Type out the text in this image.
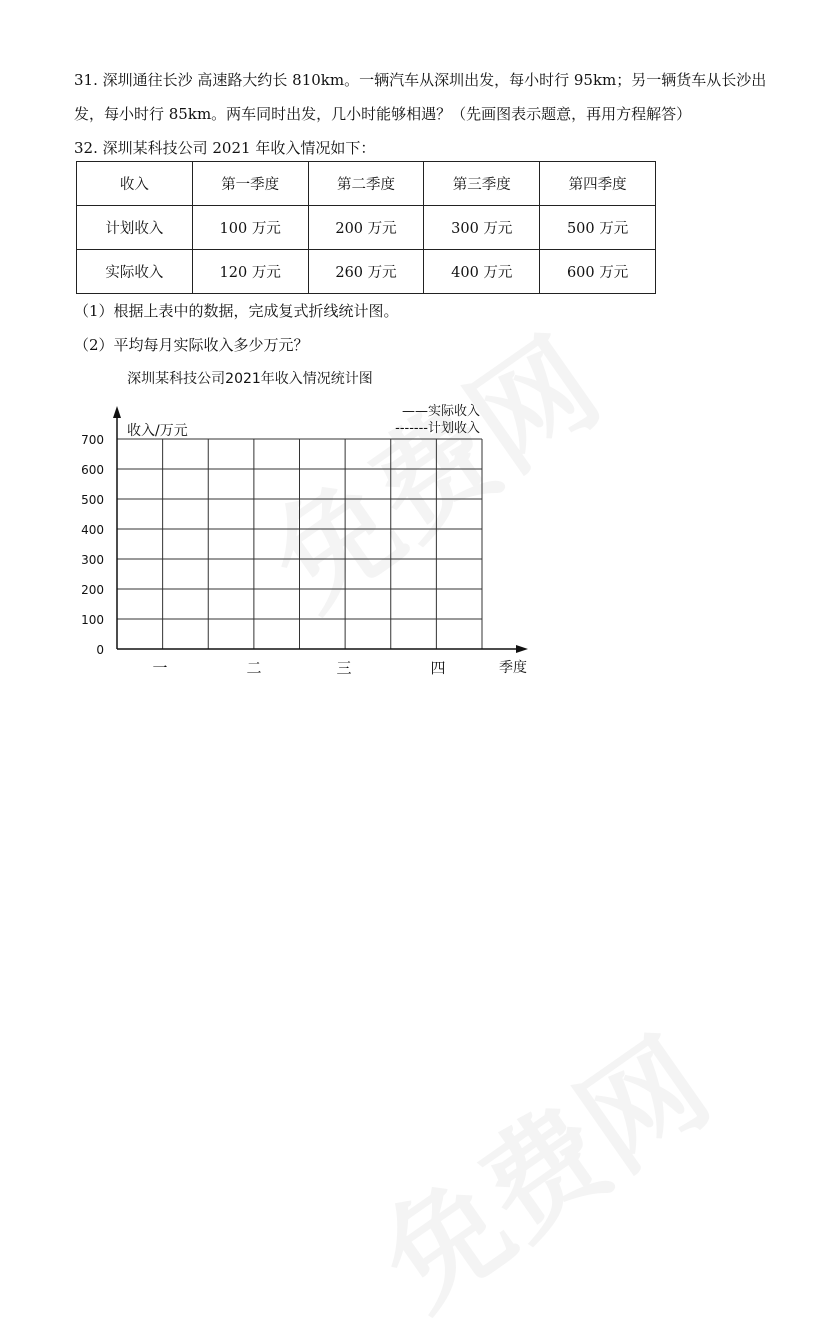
31. 深圳通往长沙 高速路大约长 810km。一辆汽车从深圳出发，每小时行 95km；另一辆货车从长沙出
发，每小时行 85km。两车同时出发，几小时能够相遇？（先画图表示题意，再用方程解答）
32. 深圳某科技公司 2021 年收入情况如下：
收入	第一季度	第二季度	第三季度	第四季度
计划收入	100 万元	200 万元	300 万元	500 万元
实际收入	120 万元	260 万元	400 万元	600 万元
（1）根据上表中的数据，完成复式折线统计图。
（2）平均每月实际收入多少万元？
深圳某科技公司2021年收入情况统计图
——实际收入
-------计划收入
收入/万元
0
100
200
300
400
500
600
700
一	二	三	四	季度
